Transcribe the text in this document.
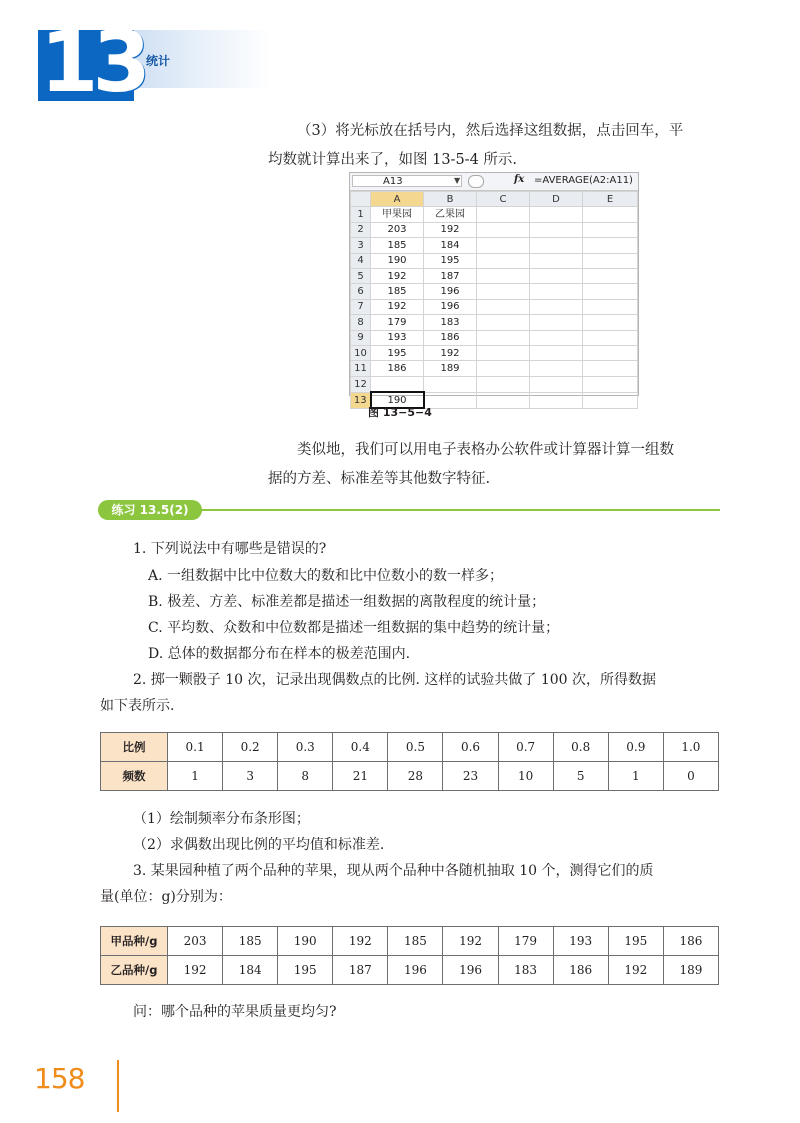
13 统计
（3）将光标放在括号内，然后选择这组数据，点击回车，平
均数就计算出来了，如图 13-5-4 所示.
A13	▼	fx =AVERAGE(A2:A11)
	A	B	C	D	E
1	甲果园	乙果园			
2	203	192			
3	185	184			
4	190	195			
5	192	187			
6	185	196			
7	192	196			
8	179	183			
9	193	186			
10	195	192			
11	186	189			
12					
13	190				
图 13−5−4
类似地，我们可以用电子表格办公软件或计算器计算一组数
据的方差、标准差等其他数字特征.
练习 13.5(2)
1. 下列说法中有哪些是错误的?
A. 一组数据中比中位数大的数和比中位数小的数一样多；
B. 极差、方差、标准差都是描述一组数据的离散程度的统计量；
C. 平均数、众数和中位数都是描述一组数据的集中趋势的统计量；
D. 总体的数据都分布在样本的极差范围内.
2. 掷一颗骰子 10 次，记录出现偶数点的比例. 这样的试验共做了 100 次，所得数据
如下表所示.
比例	0.1	0.2	0.3	0.4	0.5	0.6	0.7	0.8	0.9	1.0
频数	1	3	8	21	28	23	10	5	1	0
（1）绘制频率分布条形图；
（2）求偶数出现比例的平均值和标准差.
3. 某果园种植了两个品种的苹果，现从两个品种中各随机抽取 10 个，测得它们的质
量(单位：g)分别为：
甲品种/g	203	185	190	192	185	192	179	193	195	186
乙品种/g	192	184	195	187	196	196	183	186	192	189
问：哪个品种的苹果质量更均匀?
158
